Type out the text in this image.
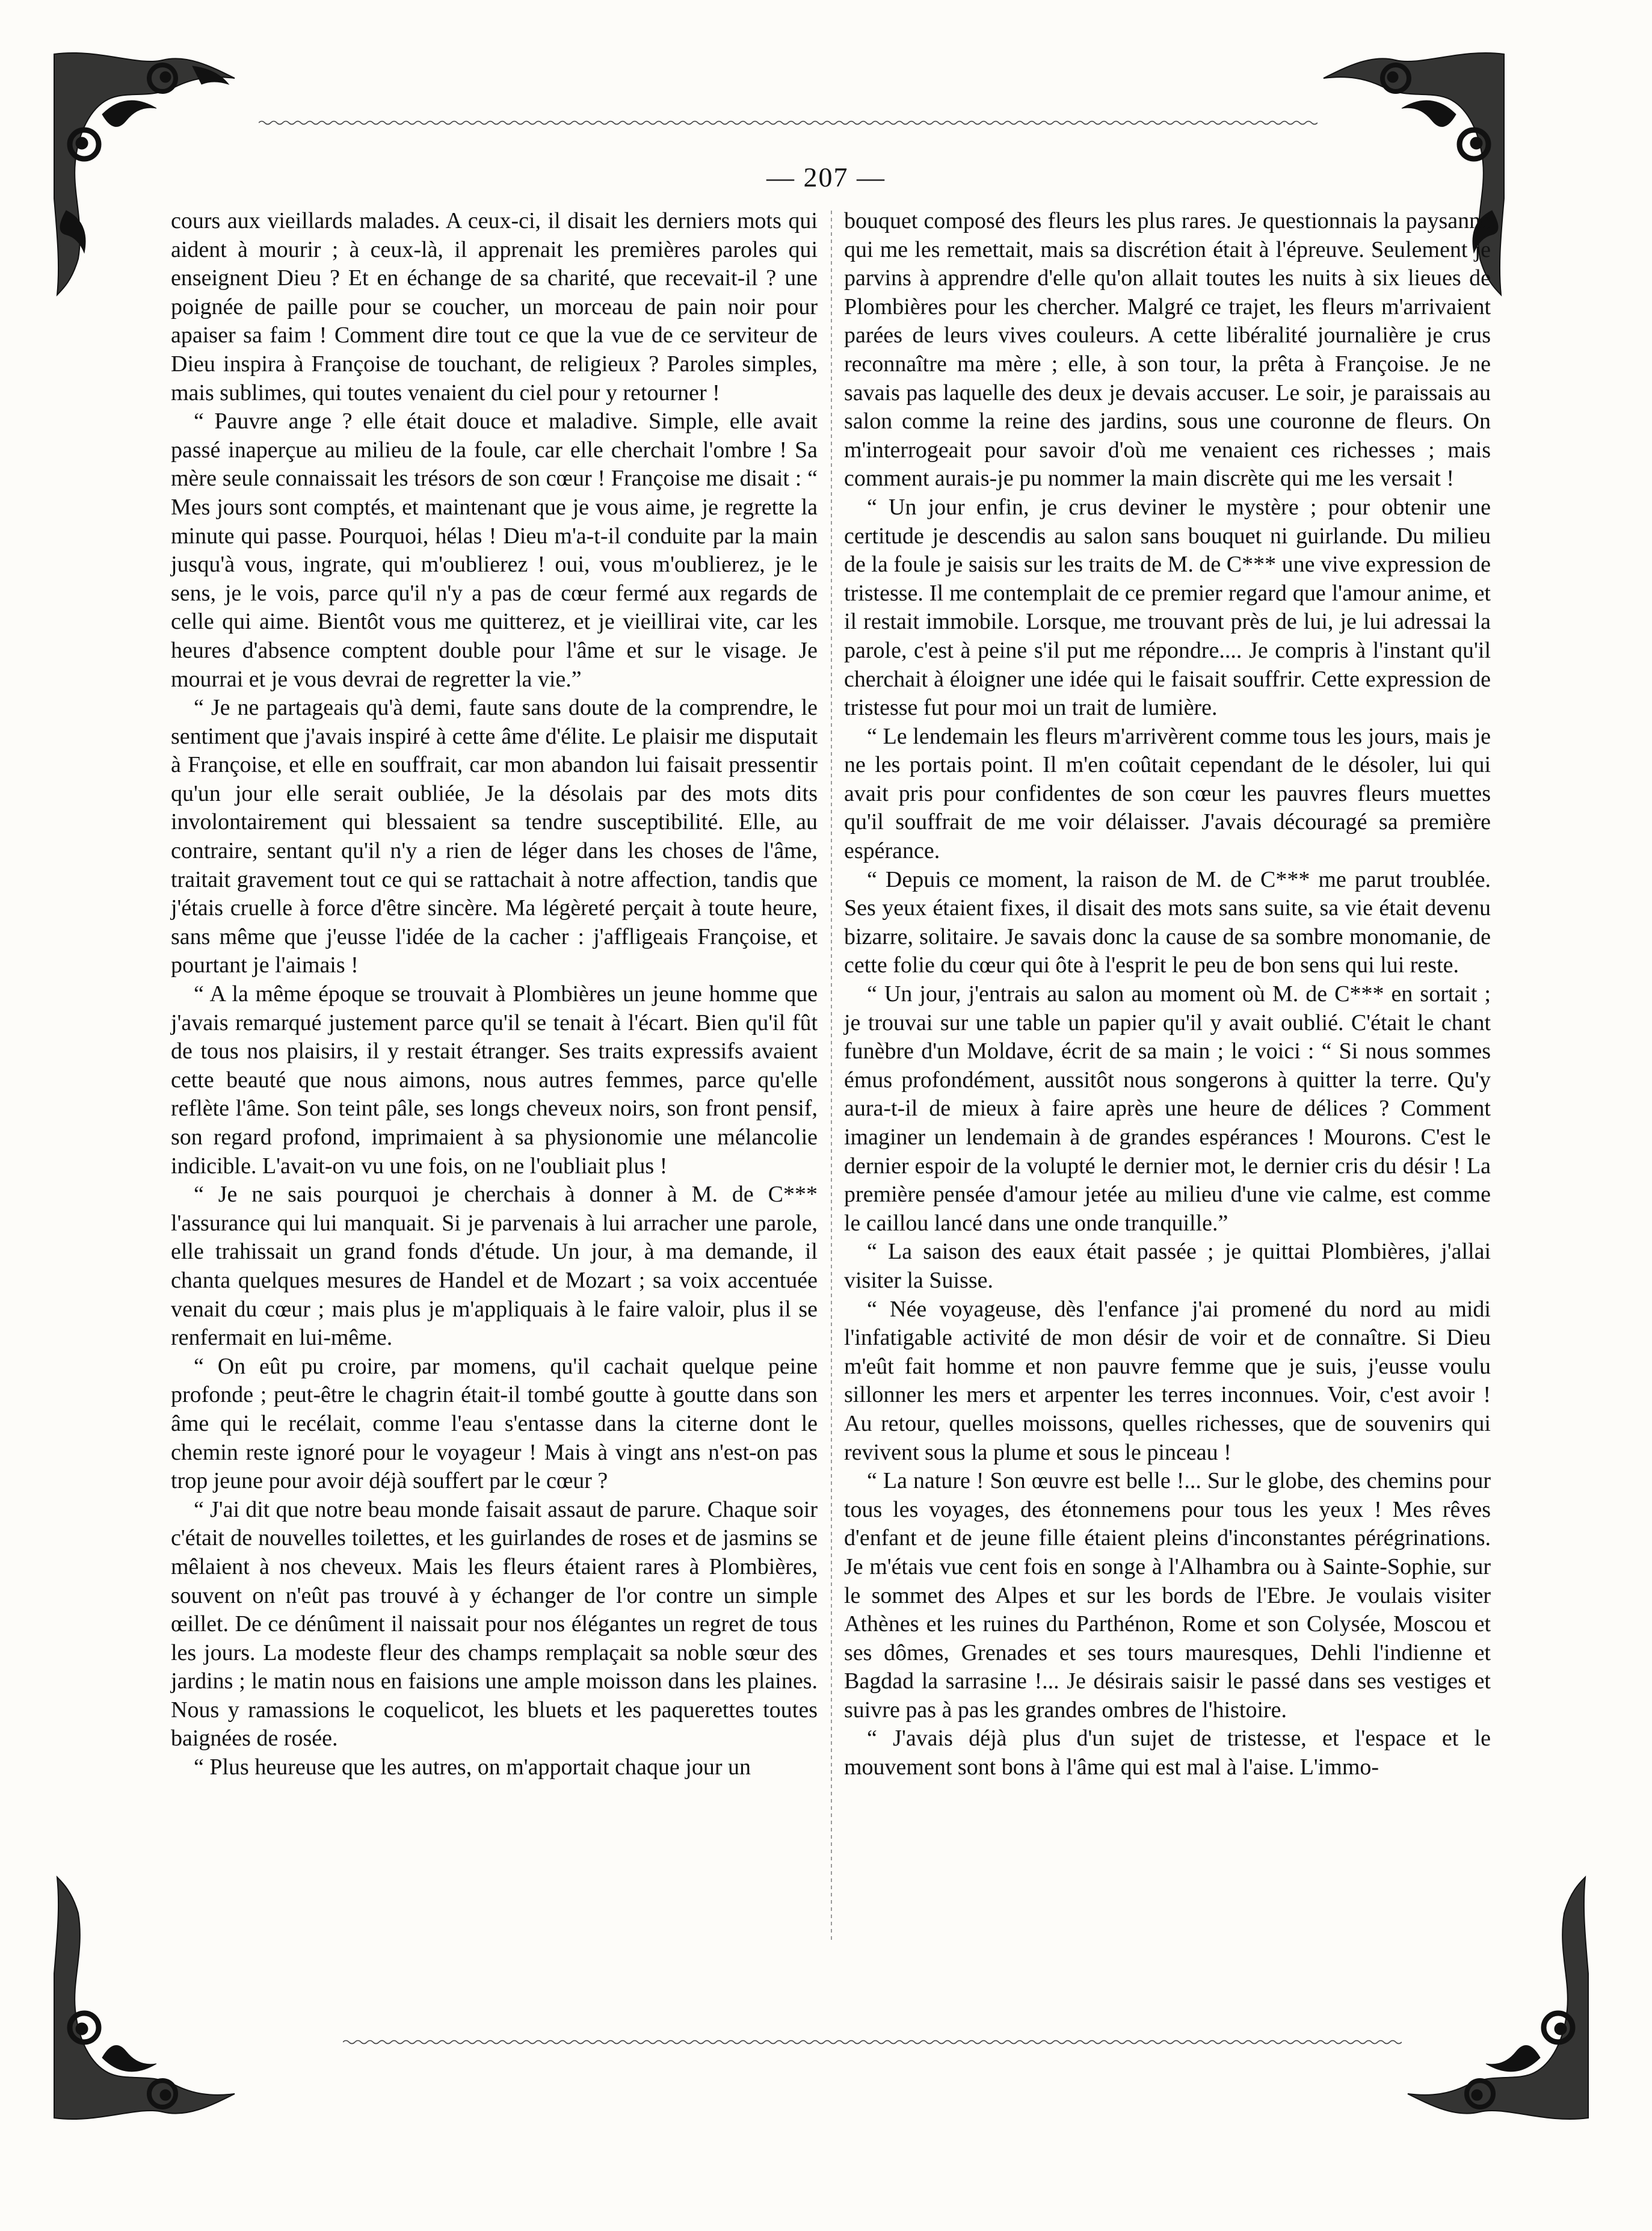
— 207 —

cours aux vieillards malades. A ceux-ci, il disait les derniers mots qui aident à mourir ; à ceux-là, il apprenait les premières paroles qui enseignent Dieu ? Et en échange de sa charité, que recevait-il ? une poignée de paille pour se coucher, un morceau de pain noir pour apaiser sa faim ! Comment dire tout ce que la vue de ce serviteur de Dieu inspira à Françoise de touchant, de religieux ? Paroles simples, mais sublimes, qui toutes venaient du ciel pour y retourner !

“ Pauvre ange ? elle était douce et maladive. Simple, elle avait passé inaperçue au milieu de la foule, car elle cherchait l'ombre ! Sa mère seule connaissait les trésors de son cœur ! Françoise me disait : “ Mes jours sont comptés, et maintenant que je vous aime, je regrette la minute qui passe. Pourquoi, hélas ! Dieu m'a-t-il conduite par la main jusqu'à vous, ingrate, qui m'oublierez ! oui, vous m'oublierez, je le sens, je le vois, parce qu'il n'y a pas de cœur fermé aux regards de celle qui aime. Bientôt vous me quitterez, et je vieillirai vite, car les heures d'absence comptent double pour l'âme et sur le visage. Je mourrai et je vous devrai de regretter la vie.”

“ Je ne partageais qu'à demi, faute sans doute de la comprendre, le sentiment que j'avais inspiré à cette âme d'élite. Le plaisir me disputait à Françoise, et elle en souffrait, car mon abandon lui faisait pressentir qu'un jour elle serait oubliée, Je la désolais par des mots dits involontairement qui blessaient sa tendre susceptibilité. Elle, au contraire, sentant qu'il n'y a rien de léger dans les choses de l'âme, traitait gravement tout ce qui se rattachait à notre affection, tandis que j'étais cruelle à force d'être sincère. Ma légèreté perçait à toute heure, sans même que j'eusse l'idée de la cacher : j'affligeais Françoise, et pourtant je l'aimais !

“ A la même époque se trouvait à Plombières un jeune homme que j'avais remarqué justement parce qu'il se tenait à l'écart. Bien qu'il fût de tous nos plaisirs, il y restait étranger. Ses traits expressifs avaient cette beauté que nous aimons, nous autres femmes, parce qu'elle reflète l'âme. Son teint pâle, ses longs cheveux noirs, son front pensif, son regard profond, imprimaient à sa physionomie une mélancolie indicible. L'avait-on vu une fois, on ne l'oubliait plus !

“ Je ne sais pourquoi je cherchais à donner à M. de C*** l'assurance qui lui manquait. Si je parvenais à lui arracher une parole, elle trahissait un grand fonds d'étude. Un jour, à ma demande, il chanta quelques mesures de Handel et de Mozart ; sa voix accentuée venait du cœur ; mais plus je m'appliquais à le faire valoir, plus il se renfermait en lui-même.

“ On eût pu croire, par momens, qu'il cachait quelque peine profonde ; peut-être le chagrin était-il tombé goutte à goutte dans son âme qui le recélait, comme l'eau s'entasse dans la citerne dont le chemin reste ignoré pour le voyageur ! Mais à vingt ans n'est-on pas trop jeune pour avoir déjà souffert par le cœur ?

“ J'ai dit que notre beau monde faisait assaut de parure. Chaque soir c'était de nouvelles toilettes, et les guirlandes de roses et de jasmins se mêlaient à nos cheveux. Mais les fleurs étaient rares à Plombières, souvent on n'eût pas trouvé à y échanger de l'or contre un simple œillet. De ce dénûment il naissait pour nos élégantes un regret de tous les jours. La modeste fleur des champs remplaçait sa noble sœur des jardins ; le matin nous en faisions une ample moisson dans les plaines. Nous y ramassions le coquelicot, les bluets et les paquerettes toutes baignées de rosée.

“ Plus heureuse que les autres, on m'apportait chaque jour un

bouquet composé des fleurs les plus rares. Je questionnais la paysanne qui me les remettait, mais sa discrétion était à l'épreuve. Seulement je parvins à apprendre d'elle qu'on allait toutes les nuits à six lieues de Plombières pour les chercher. Malgré ce trajet, les fleurs m'arrivaient parées de leurs vives couleurs. A cette libéralité journalière je crus reconnaître ma mère ; elle, à son tour, la prêta à Françoise. Je ne savais pas laquelle des deux je devais accuser. Le soir, je paraissais au salon comme la reine des jardins, sous une couronne de fleurs. On m'interrogeait pour savoir d'où me venaient ces richesses ; mais comment aurais-je pu nommer la main discrète qui me les versait !

“ Un jour enfin, je crus deviner le mystère ; pour obtenir une certitude je descendis au salon sans bouquet ni guirlande. Du milieu de la foule je saisis sur les traits de M. de C*** une vive expression de tristesse. Il me contemplait de ce premier regard que l'amour anime, et il restait immobile. Lorsque, me trouvant près de lui, je lui adressai la parole, c'est à peine s'il put me répondre.... Je compris à l'instant qu'il cherchait à éloigner une idée qui le faisait souffrir. Cette expression de tristesse fut pour moi un trait de lumière.

“ Le lendemain les fleurs m'arrivèrent comme tous les jours, mais je ne les portais point. Il m'en coûtait cependant de le désoler, lui qui avait pris pour confidentes de son cœur les pauvres fleurs muettes qu'il souffrait de me voir délaisser. J'avais découragé sa première espérance.

“ Depuis ce moment, la raison de M. de C*** me parut troublée. Ses yeux étaient fixes, il disait des mots sans suite, sa vie était devenu bizarre, solitaire. Je savais donc la cause de sa sombre monomanie, de cette folie du cœur qui ôte à l'esprit le peu de bon sens qui lui reste.

“ Un jour, j'entrais au salon au moment où M. de C*** en sortait ; je trouvai sur une table un papier qu'il y avait oublié. C'était le chant funèbre d'un Moldave, écrit de sa main ; le voici : “ Si nous sommes émus profondément, aussitôt nous songerons à quitter la terre. Qu'y aura-t-il de mieux à faire après une heure de délices ? Comment imaginer un lendemain à de grandes espérances ! Mourons. C'est le dernier espoir de la volupté le dernier mot, le dernier cris du désir ! La première pensée d'amour jetée au milieu d'une vie calme, est comme le caillou lancé dans une onde tranquille.”

“ La saison des eaux était passée ; je quittai Plombières, j'allai visiter la Suisse.

“ Née voyageuse, dès l'enfance j'ai promené du nord au midi l'infatigable activité de mon désir de voir et de connaître. Si Dieu m'eût fait homme et non pauvre femme que je suis, j'eusse voulu sillonner les mers et arpenter les terres inconnues. Voir, c'est avoir ! Au retour, quelles moissons, quelles richesses, que de souvenirs qui revivent sous la plume et sous le pinceau !

“ La nature ! Son œuvre est belle !... Sur le globe, des chemins pour tous les voyages, des étonnemens pour tous les yeux ! Mes rêves d'enfant et de jeune fille étaient pleins d'inconstantes pérégrinations. Je m'étais vue cent fois en songe à l'Alhambra ou à Sainte-Sophie, sur le sommet des Alpes et sur les bords de l'Ebre. Je voulais visiter Athènes et les ruines du Parthénon, Rome et son Colysée, Moscou et ses dômes, Grenades et ses tours mauresques, Dehli l'indienne et Bagdad la sarrasine !... Je désirais saisir le passé dans ses vestiges et suivre pas à pas les grandes ombres de l'histoire.

“ J'avais déjà plus d'un sujet de tristesse, et l'espace et le mouvement sont bons à l'âme qui est mal à l'aise. L'immo-
